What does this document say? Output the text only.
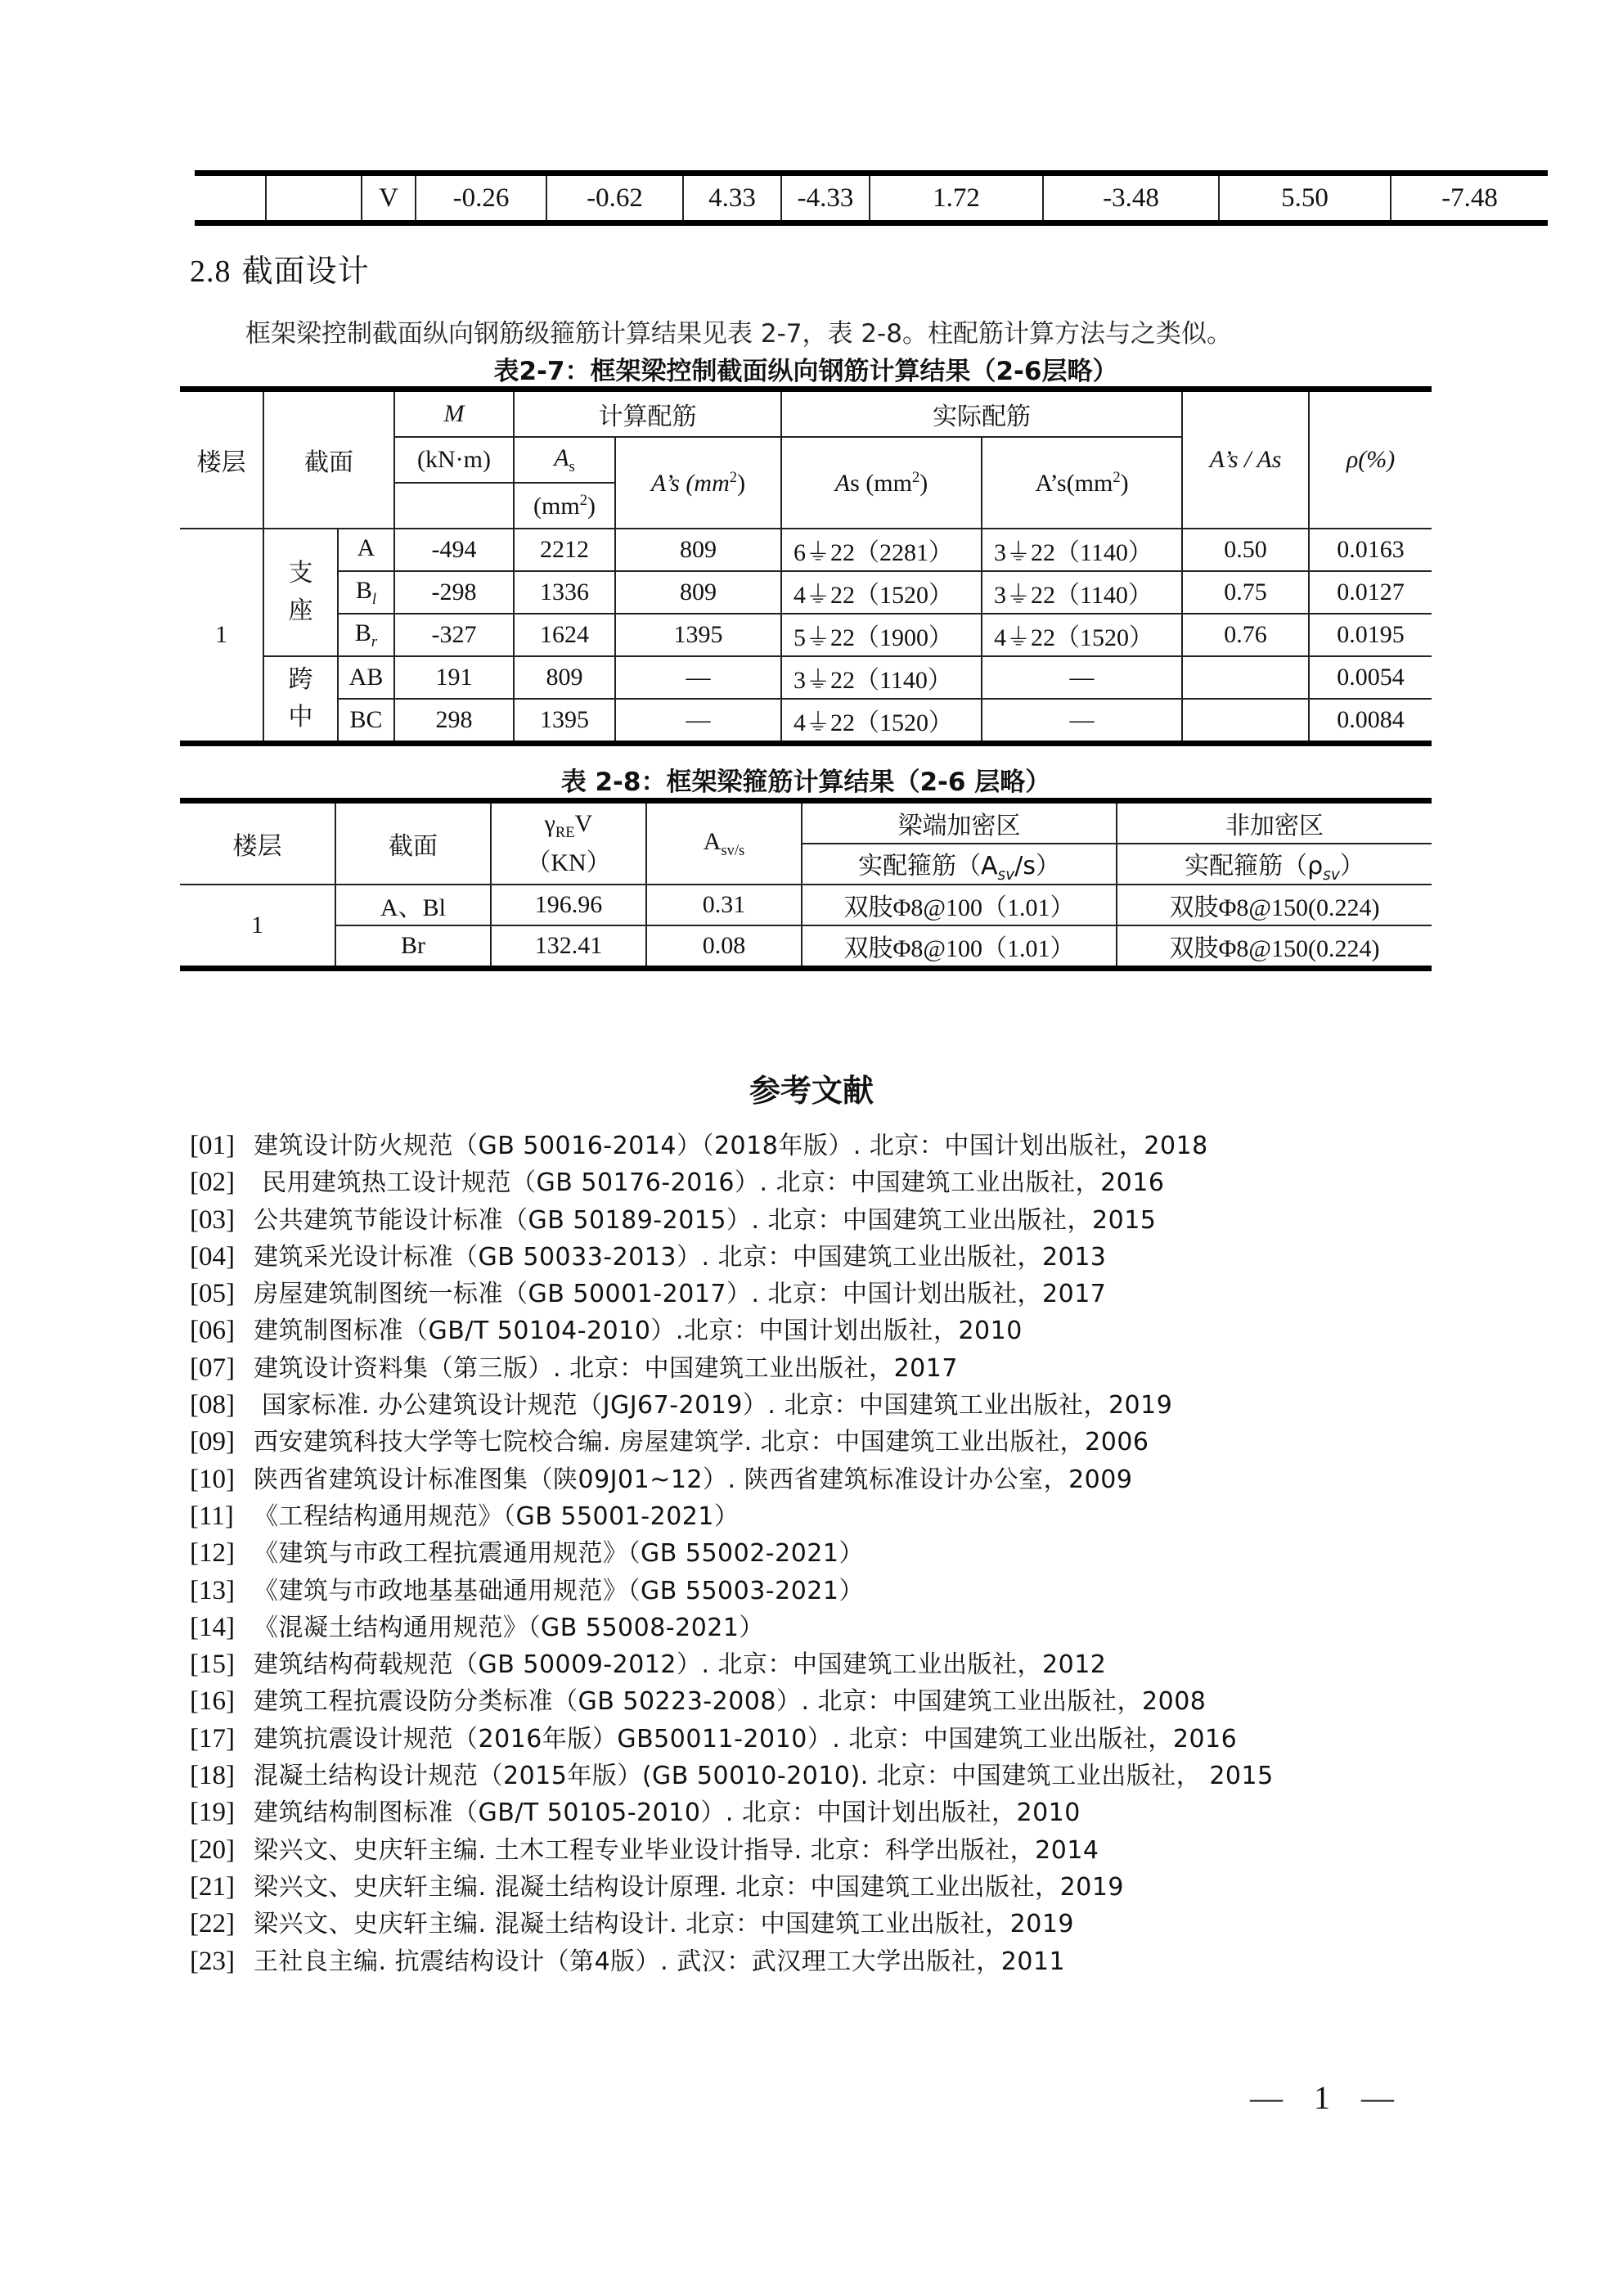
		V	-0.26	-0.62	4.33	-4.33	1.72	-3.48	5.50	-7.48
2.8 截面设计
框架梁控制截面纵向钢筋级箍筋计算结果见表 2-7，表 2-8。柱配筋计算方法与之类似。
表2-7：框架梁控制截面纵向钢筋计算结果（2-6层略）
楼层	截面		M	计算配筋		实际配筋		A’s / As	ρ(%)
			(kN·m)	$A_s$	A’s $(mm^2)$	As $(mm^2)$	$A’s(mm^2)$		
				$(mm^2)$					
1	支座	A	-494	2212	809	6⏚22（2281）	3⏚22（1140）	0.50	0.0163
		$B_l$	-298	1336	809	4⏚22（1520）	3⏚22（1140）	0.75	0.0127
		$B_r$	-327	1624	1395	5⏚22（1900）	4⏚22（1520）	0.76	0.0195
	跨中	AB	191	809	—	3⏚22（1140）	—		0.0054
		BC	298	1395	—	4⏚22（1520）	—		0.0084
表 2-8：框架梁箍筋计算结果（2-6 层略）
楼层	截面	$\gamma_{RE}V$
（KN）	$A_{sv/s}$	梁端加密区	非加密区
				实配箍筋$(A_{sv}/s)$	实配箍筋$(\rho_{sv})$
1	A、Bl	196.96	0.31	双肢Φ8@100（1.01）	双肢Φ8@150(0.224)
	Br	132.41	0.08	双肢Φ8@100（1.01）	双肢Φ8@150(0.224)
参考文献
[01] 建筑设计防火规范（GB 50016-2014）（2018年版）. 北京：中国计划出版社，2018
[02] 民用建筑热工设计规范（GB 50176-2016）. 北京：中国建筑工业出版社，2016
[03] 公共建筑节能设计标准（GB 50189-2015）. 北京：中国建筑工业出版社，2015
[04] 建筑采光设计标准（GB 50033-2013）. 北京：中国建筑工业出版社，2013
[05] 房屋建筑制图统一标准（GB 50001-2017）. 北京：中国计划出版社，2017
[06] 建筑制图标准（GB/T 50104-2010）.北京：中国计划出版社，2010
[07] 建筑设计资料集（第三版）. 北京：中国建筑工业出版社，2017
[08] 国家标准. 办公建筑设计规范（JGJ67-2019）. 北京：中国建筑工业出版社，2019
[09] 西安建筑科技大学等七院校合编. 房屋建筑学. 北京：中国建筑工业出版社，2006
[10] 陕西省建筑设计标准图集（陕09J01~12）. 陕西省建筑标准设计办公室，2009
[11] 《工程结构通用规范》（GB 55001-2021）
[12] 《建筑与市政工程抗震通用规范》（GB 55002-2021）
[13] 《建筑与市政地基基础通用规范》（GB 55003-2021）
[14] 《混凝土结构通用规范》（GB 55008-2021）
[15] 建筑结构荷载规范（GB 50009-2012）. 北京：中国建筑工业出版社，2012
[16] 建筑工程抗震设防分类标准（GB 50223-2008）. 北京：中国建筑工业出版社，2008
[17] 建筑抗震设计规范（2016年版）GB50011-2010）. 北京：中国建筑工业出版社，2016
[18] 混凝土结构设计规范（2015年版）(GB 50010-2010). 北京：中国建筑工业出版社， 2015
[19] 建筑结构制图标准（GB/T 50105-2010）. 北京：中国计划出版社，2010
[20] 梁兴文、史庆轩主编. 土木工程专业毕业设计指导. 北京：科学出版社，2014
[21] 梁兴文、史庆轩主编. 混凝土结构设计原理. 北京：中国建筑工业出版社，2019
[22] 梁兴文、史庆轩主编. 混凝土结构设计. 北京：中国建筑工业出版社，2019
[23] 王社良主编. 抗震结构设计（第4版）. 武汉：武汉理工大学出版社，2011
— 1 —
